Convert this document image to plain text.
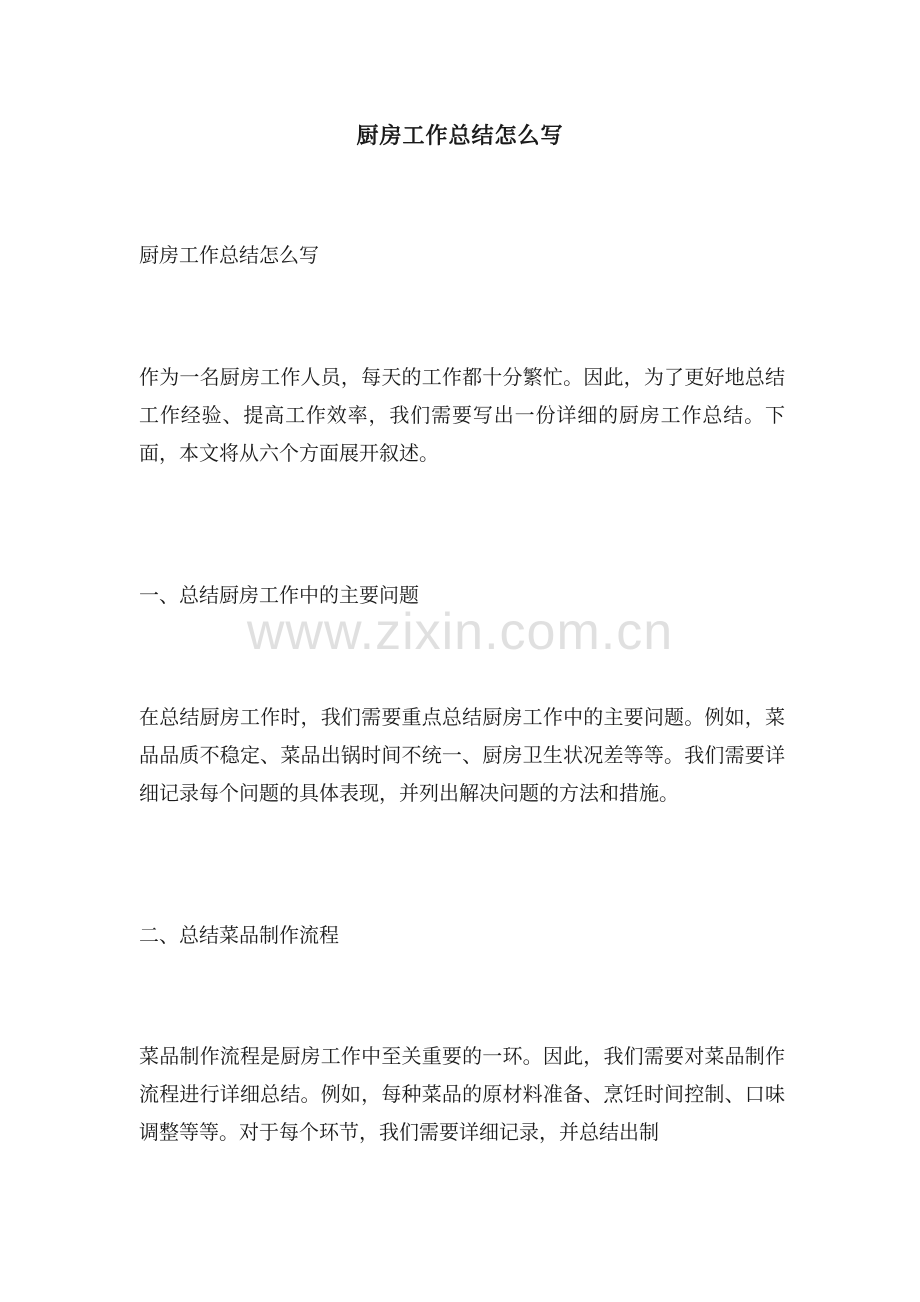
厨房工作总结怎么写
厨房工作总结怎么写
作为一名厨房工作人员，每天的工作都十分繁忙。因此，为了更好地总结工作经验、提高工作效率，我们需要写出一份详细的厨房工作总结。下面，本文将从六个方面展开叙述。
一、总结厨房工作中的主要问题
在总结厨房工作时，我们需要重点总结厨房工作中的主要问题。例如，菜品品质不稳定、菜品出锅时间不统一、厨房卫生状况差等等。我们需要详细记录每个问题的具体表现，并列出解决问题的方法和措施。
二、总结菜品制作流程
菜品制作流程是厨房工作中至关重要的一环。因此，我们需要对菜品制作流程进行详细总结。例如，每种菜品的原材料准备、烹饪时间控制、口味调整等等。对于每个环节，我们需要详细记录，并总结出制
www.zixin.com.cn
